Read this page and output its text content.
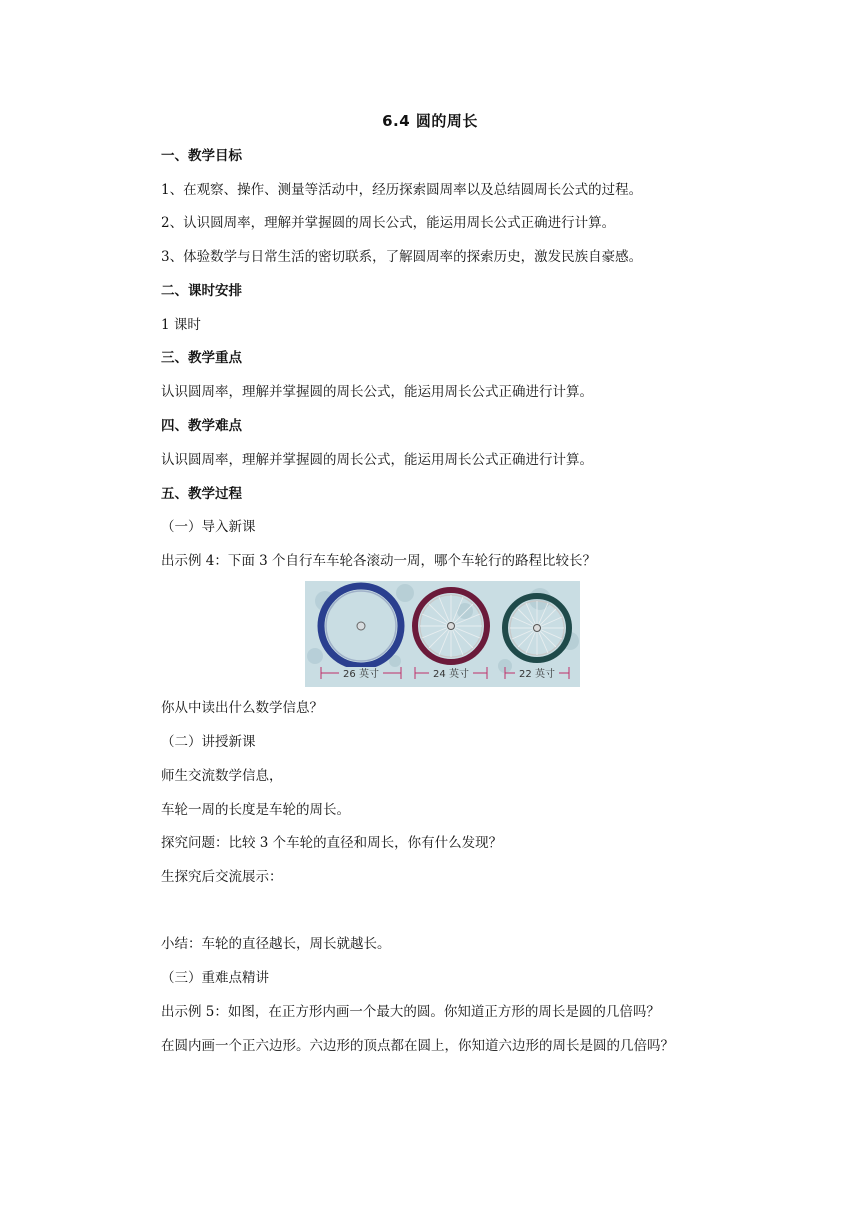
6.4 圆的周长
一、教学目标
1、在观察、操作、测量等活动中，经历探索圆周率以及总结圆周长公式的过程。
2、认识圆周率，理解并掌握圆的周长公式，能运用周长公式正确进行计算。
3、体验数学与日常生活的密切联系，了解圆周率的探索历史，激发民族自豪感。
二、课时安排
1 课时
三、教学重点
认识圆周率，理解并掌握圆的周长公式，能运用周长公式正确进行计算。
四、教学难点
认识圆周率，理解并掌握圆的周长公式，能运用周长公式正确进行计算。
五、教学过程
（一）导入新课
出示例 4：下面 3 个自行车车轮各滚动一周，哪个车轮行的路程比较长？
26 英寸	24 英寸	22 英寸
你从中读出什么数学信息？
（二）讲授新课
师生交流数学信息，
车轮一周的长度是车轮的周长。
探究问题：比较 3 个车轮的直径和周长，你有什么发现？
生探究后交流展示：
小结：车轮的直径越长，周长就越长。
（三）重难点精讲
出示例 5：如图，在正方形内画一个最大的圆。你知道正方形的周长是圆的几倍吗？
在圆内画一个正六边形。六边形的顶点都在圆上，你知道六边形的周长是圆的几倍吗？
